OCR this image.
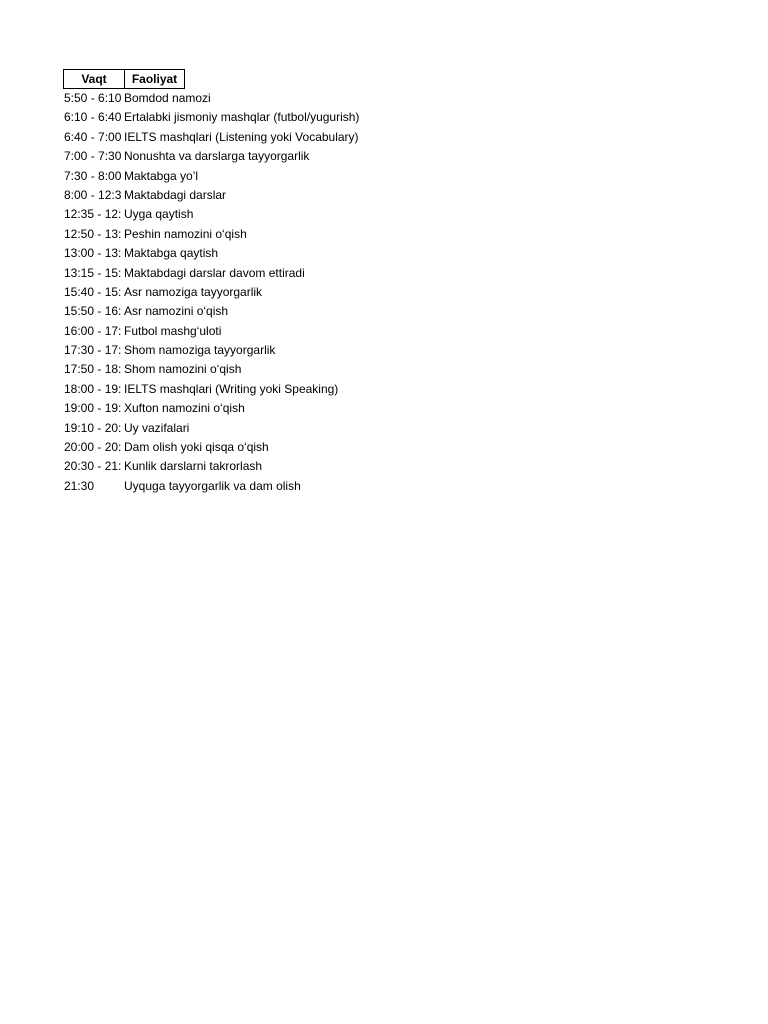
Vaqt	Faoliyat
5:50 - 6:10 Bomdod namozi
6:10 - 6:40 Ertalabki jismoniy mashqlar (futbol/yugurish)
6:40 - 7:00 IELTS mashqlari (Listening yoki Vocabulary)
7:00 - 7:30 Nonushta va darslarga tayyorgarlik
7:30 - 8:00 Maktabga yo’l
8:00 - 12:3 Maktabdagi darslar
12:35 - 12: Uyga qaytish
12:50 - 13: Peshin namozini o‘qish
13:00 - 13: Maktabga qaytish
13:15 - 15: Maktabdagi darslar davom ettiradi
15:40 - 15: Asr namoziga tayyorgarlik
15:50 - 16: Asr namozini o‘qish
16:00 - 17: Futbol mashg‘uloti
17:30 - 17: Shom namoziga tayyorgarlik
17:50 - 18: Shom namozini o‘qish
18:00 - 19: IELTS mashqlari (Writing yoki Speaking)
19:00 - 19: Xufton namozini o‘qish
19:10 - 20: Uy vazifalari
20:00 - 20: Dam olish yoki qisqa o‘qish
20:30 - 21: Kunlik darslarni takrorlash
21:30	Uyquga tayyorgarlik va dam olish
